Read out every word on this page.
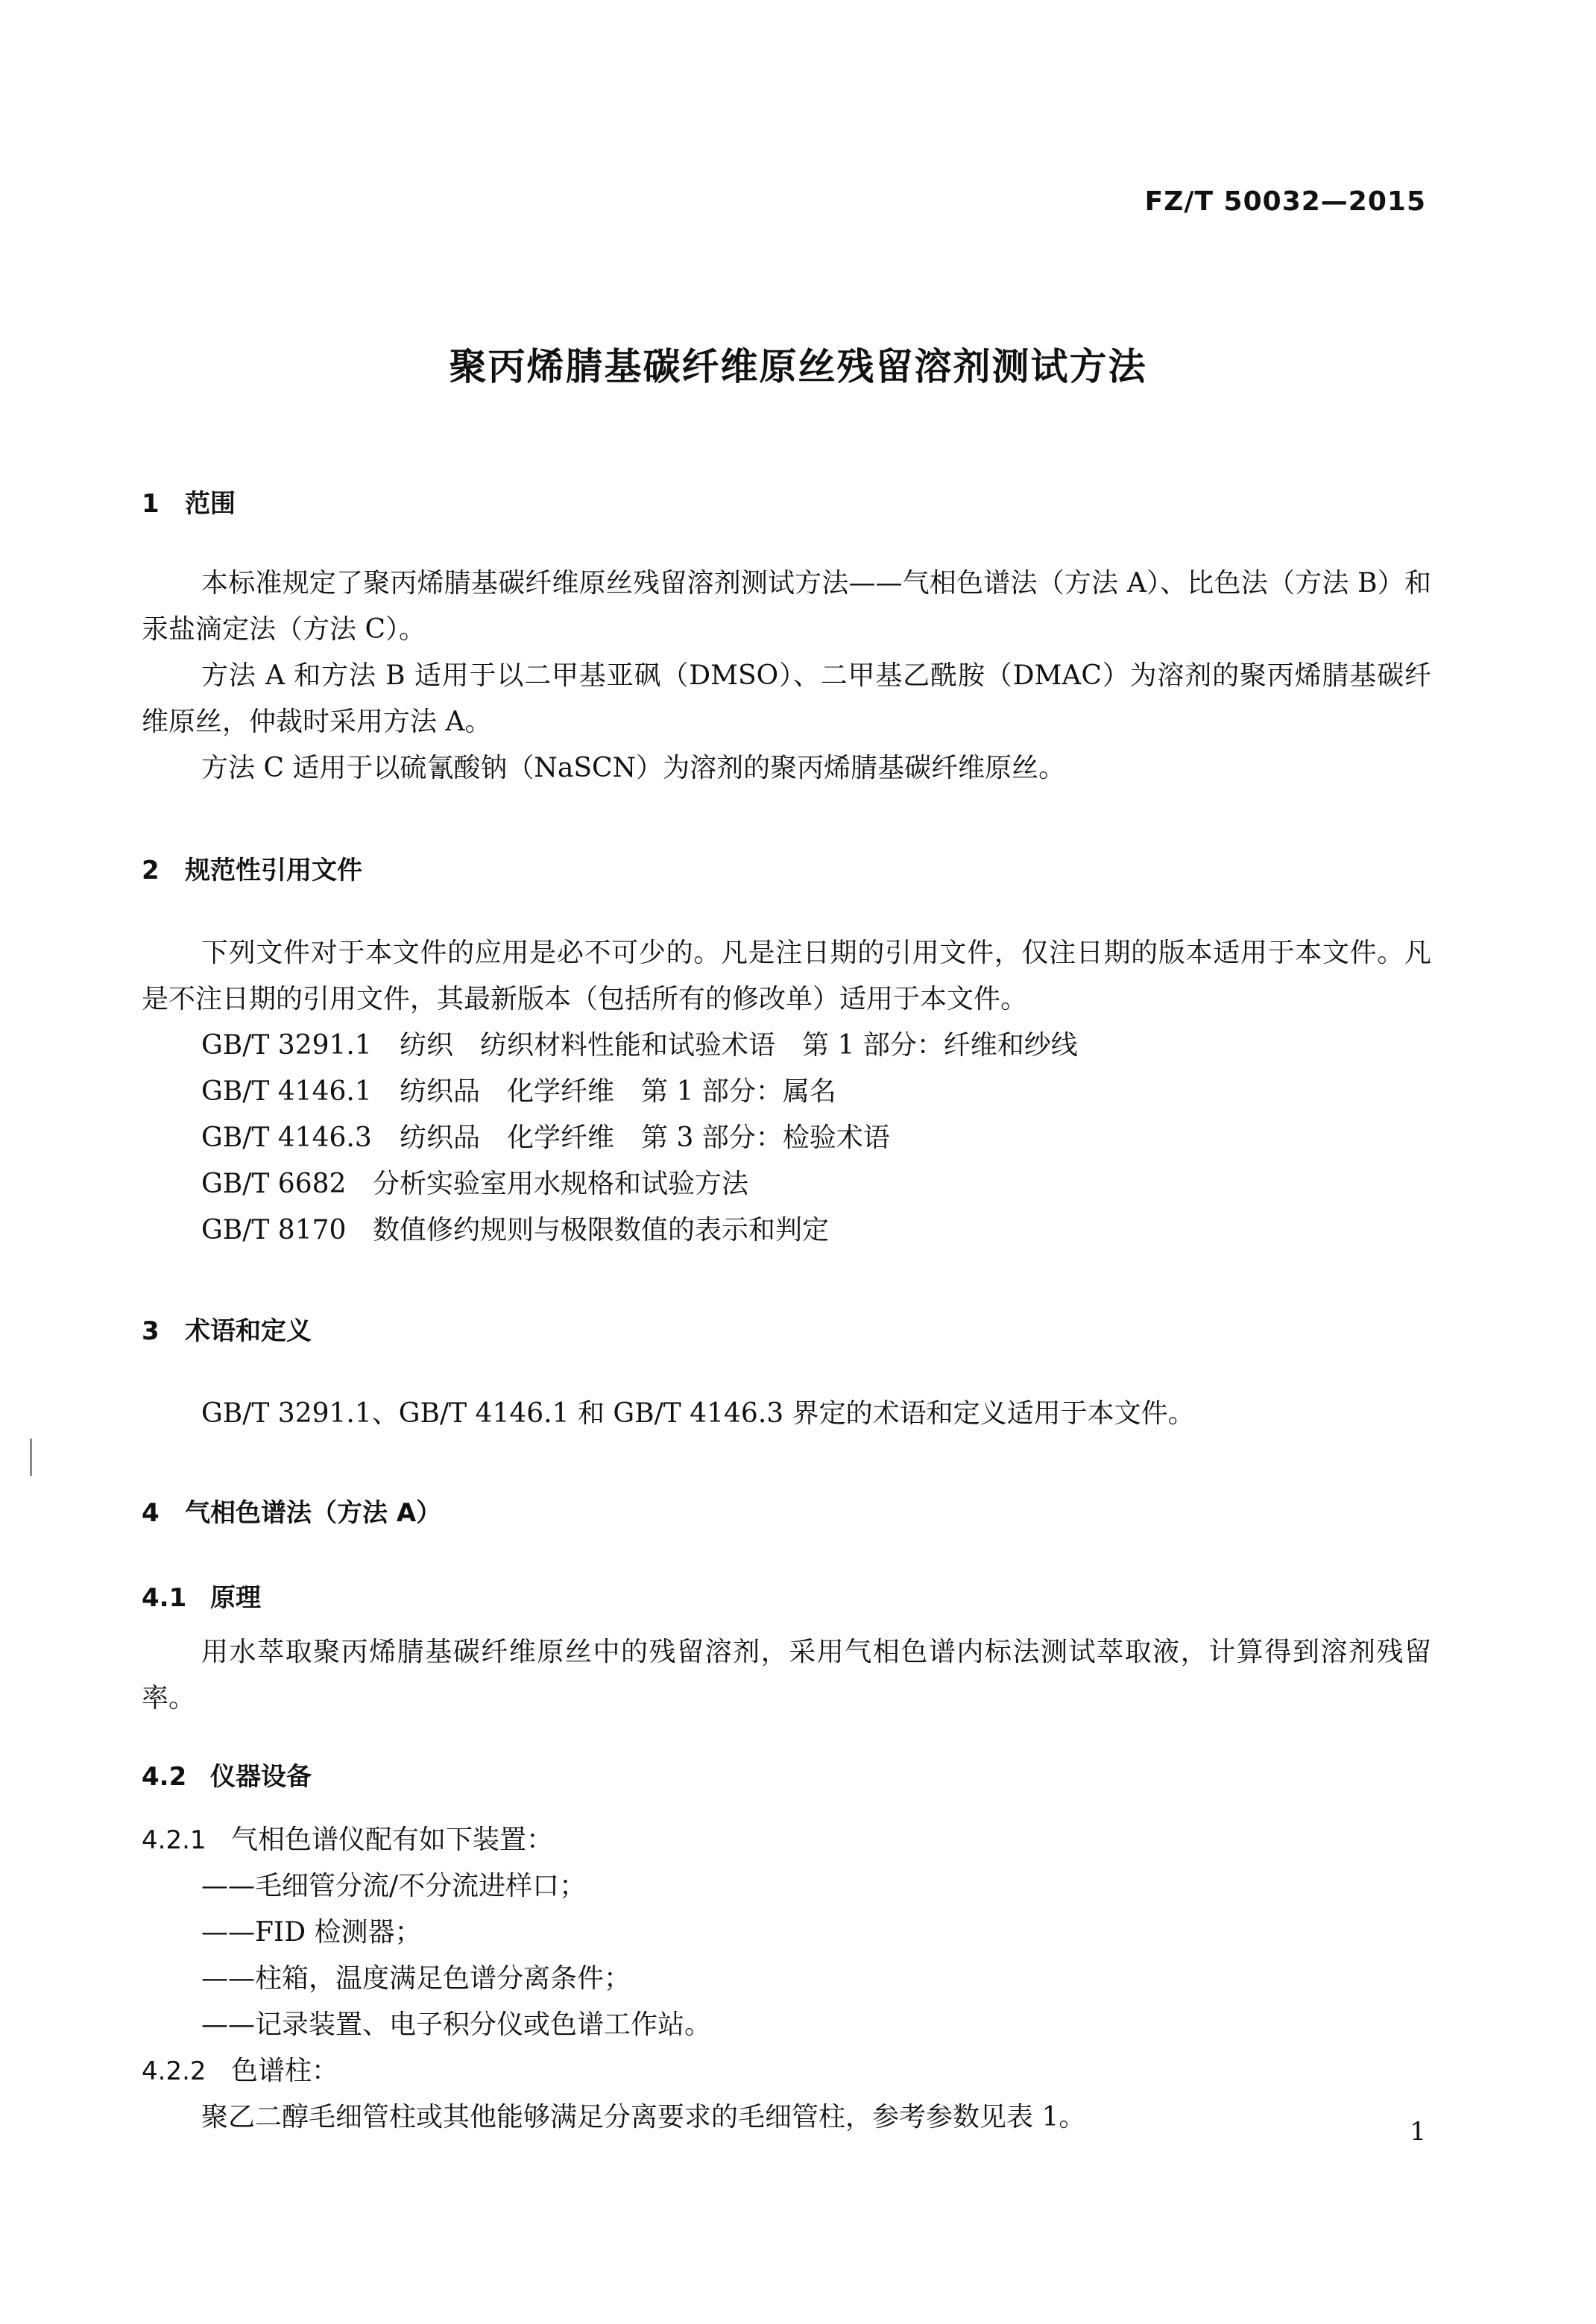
FZ/T 50032—2015
聚丙烯腈基碳纤维原丝残留溶剂测试方法
1 范围

本标准规定了聚丙烯腈基碳纤维原丝残留溶剂测试方法——气相色谱法（方法 A）、比色法（方法 B）和汞盐滴定法（方法 C）。

方法 A 和方法 B 适用于以二甲基亚砜（DMSO）、二甲基乙酰胺（DMAC）为溶剂的聚丙烯腈基碳纤维原丝，仲裁时采用方法 A。

方法 C 适用于以硫氰酸钠（NaSCN）为溶剂的聚丙烯腈基碳纤维原丝。

2 规范性引用文件

下列文件对于本文件的应用是必不可少的。凡是注日期的引用文件，仅注日期的版本适用于本文件。凡是不注日期的引用文件，其最新版本（包括所有的修改单）适用于本文件。

GB/T 3291.1 纺织　纺织材料性能和试验术语　第 1 部分：纤维和纱线
GB/T 4146.1 纺织品　化学纤维　第 1 部分：属名
GB/T 4146.3 纺织品　化学纤维　第 3 部分：检验术语
GB/T 6682 分析实验室用水规格和试验方法
GB/T 8170 数值修约规则与极限数值的表示和判定
3 术语和定义

GB/T 3291.1、GB/T 4146.1 和 GB/T 4146.3 界定的术语和定义适用于本文件。

4 气相色谱法（方法 A）
4.1 原理

用水萃取聚丙烯腈基碳纤维原丝中的残留溶剂，采用气相色谱内标法测试萃取液，计算得到溶剂残留率。

4.2 仪器设备
4.2.1 气相色谱仪配有如下装置：
——毛细管分流/不分流进样口；
——FID 检测器；
——柱箱，温度满足色谱分离条件；
——记录装置、电子积分仪或色谱工作站。
4.2.2 色谱柱：

聚乙二醇毛细管柱或其他能够满足分离要求的毛细管柱，参考参数见表 1。	1
